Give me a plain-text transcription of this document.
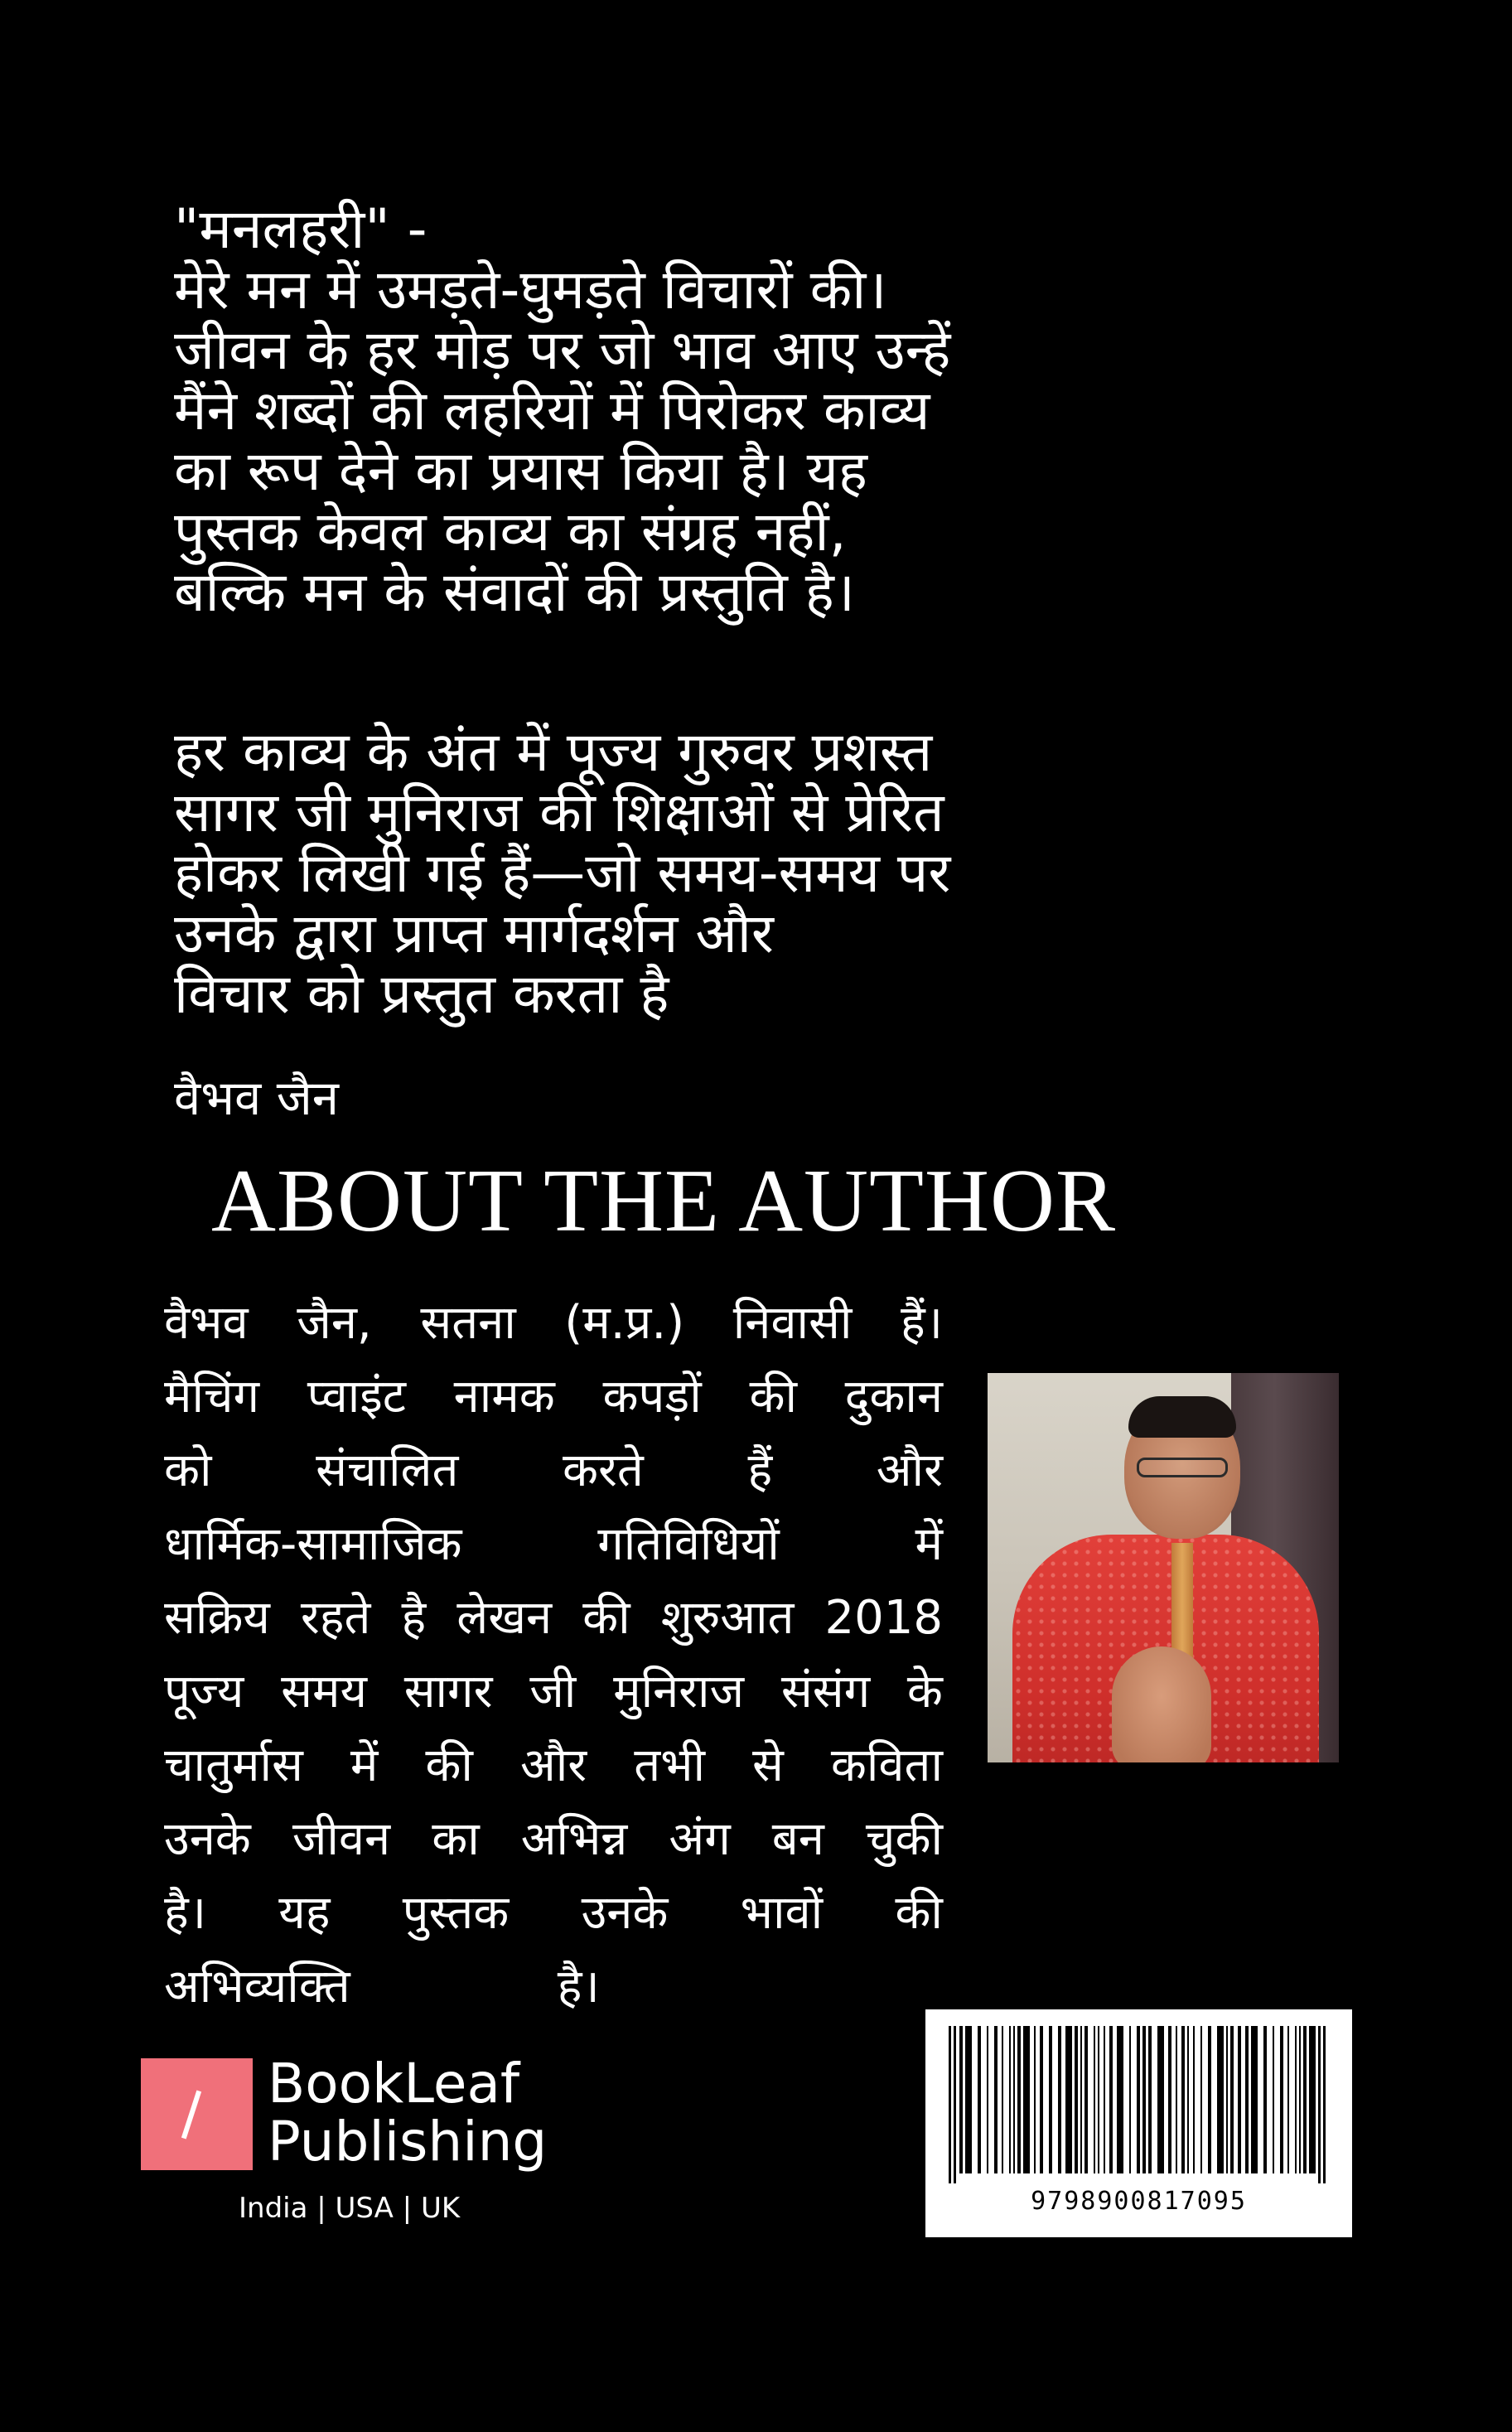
"मनलहरी" -
मेरे मन में उमड़ते-घुमड़ते विचारों की।
जीवन के हर मोड़ पर जो भाव आए उन्हें
मैंने शब्दों की लहरियों में पिरोकर काव्य
का रूप देने का प्रयास किया है। यह
पुस्तक केवल काव्य का संग्रह नहीं,
बल्कि मन के संवादों की प्रस्तुति है।
हर काव्य के अंत में पूज्य गुरुवर प्रशस्त
सागर जी मुनिराज की शिक्षाओं से प्रेरित
होकर लिखी गई हैं—जो समय-समय पर
उनके द्वारा प्राप्त मार्गदर्शन और
विचार को प्रस्तुत करता है
वैभव जैन
ABOUT THE AUTHOR
वैभव जैन, सतना (म.प्र.) निवासी हैं।
मैचिंग प्वाइंट नामक कपड़ों की दुकान
को संचालित करते हैं और
धार्मिक-सामाजिक	गतिविधियों	में
सक्रिय रहते है लेखन की शुरुआत 2018
पूज्य समय सागर जी मुनिराज संसंग के
चातुर्मास में की और तभी से कविता
उनके जीवन का अभिन्न अंग बन चुकी
है। यह पुस्तक उनके भावों की
अभिव्यक्ति	है।
BookLeaf
Publishing
India | USA | UK	9798900817095
